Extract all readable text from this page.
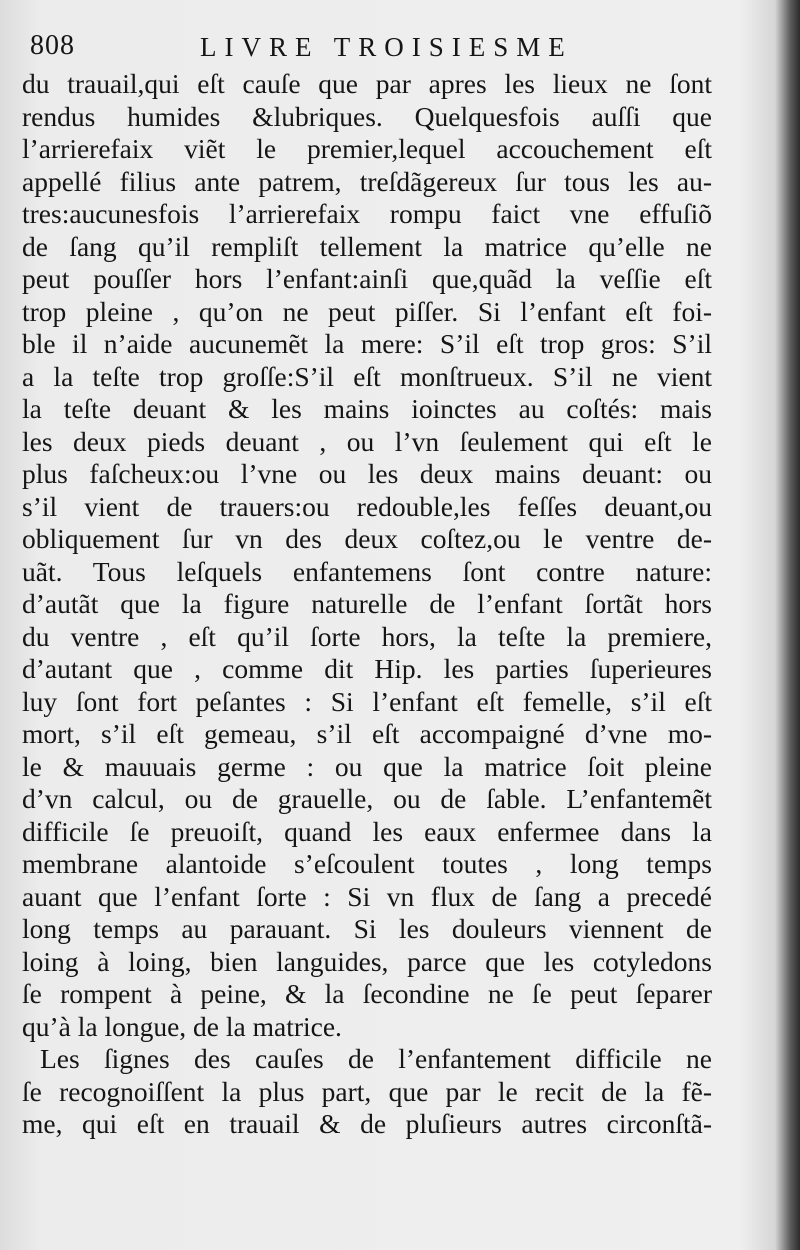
808	LIVRE TROISIESME
du trauail,qui eſt cauſe que par apres les lieux ne ſont
rendus humides &lubriques. Quelquesfois auſſi que
l’arrierefaix viẽt le premier,lequel accouchement eſt
appellé filius ante patrem, treſdãgereux ſur tous les au-
tres:aucunesfois l’arrierefaix rompu faict vne effuſiõ
de ſang qu’il rempliſt tellement la matrice qu’elle ne
peut pouſſer hors l’enfant:ainſi que,quãd la veſſie eſt
trop pleine , qu’on ne peut piſſer. Si l’enfant eſt foi-
ble il n’aide aucunemẽt la mere: S’il eſt trop gros: S’il
a la teſte trop groſſe:S’il eſt monſtrueux. S’il ne vient
la teſte deuant & les mains ioinctes au coſtés: mais
les deux pieds deuant , ou l’vn ſeulement qui eſt le
plus faſcheux:ou l’vne ou les deux mains deuant: ou
s’il vient de trauers:ou redouble,les feſſes deuant,ou
obliquement ſur vn des deux coſtez,ou le ventre de-
uãt. Tous leſquels enfantemens ſont contre nature:
d’autãt que la figure naturelle de l’enfant ſortãt hors
du ventre , eſt qu’il ſorte hors, la teſte la premiere,
d’autant que , comme dit Hip. les parties ſuperieures
luy ſont fort peſantes : Si l’enfant eſt femelle, s’il eſt
mort, s’il eſt gemeau, s’il eſt accompaigné d’vne mo-
le & mauuais germe : ou que la matrice ſoit pleine
d’vn calcul, ou de grauelle, ou de ſable. L’enfantemẽt
difficile ſe preuoiſt, quand les eaux enfermee dans la
membrane alantoide s’eſcoulent toutes , long temps
auant que l’enfant ſorte : Si vn flux de ſang a precedé
long temps au parauant. Si les douleurs viennent de
loing à loing, bien languides, parce que les cotyledons
ſe rompent à peine, & la ſecondine ne ſe peut ſeparer
qu’à la longue, de la matrice.
Les ſignes des cauſes de l’enfantement difficile ne
ſe recognoiſſent la plus part, que par le recit de la fẽ-
me, qui eſt en trauail & de pluſieurs autres circonſtã-
